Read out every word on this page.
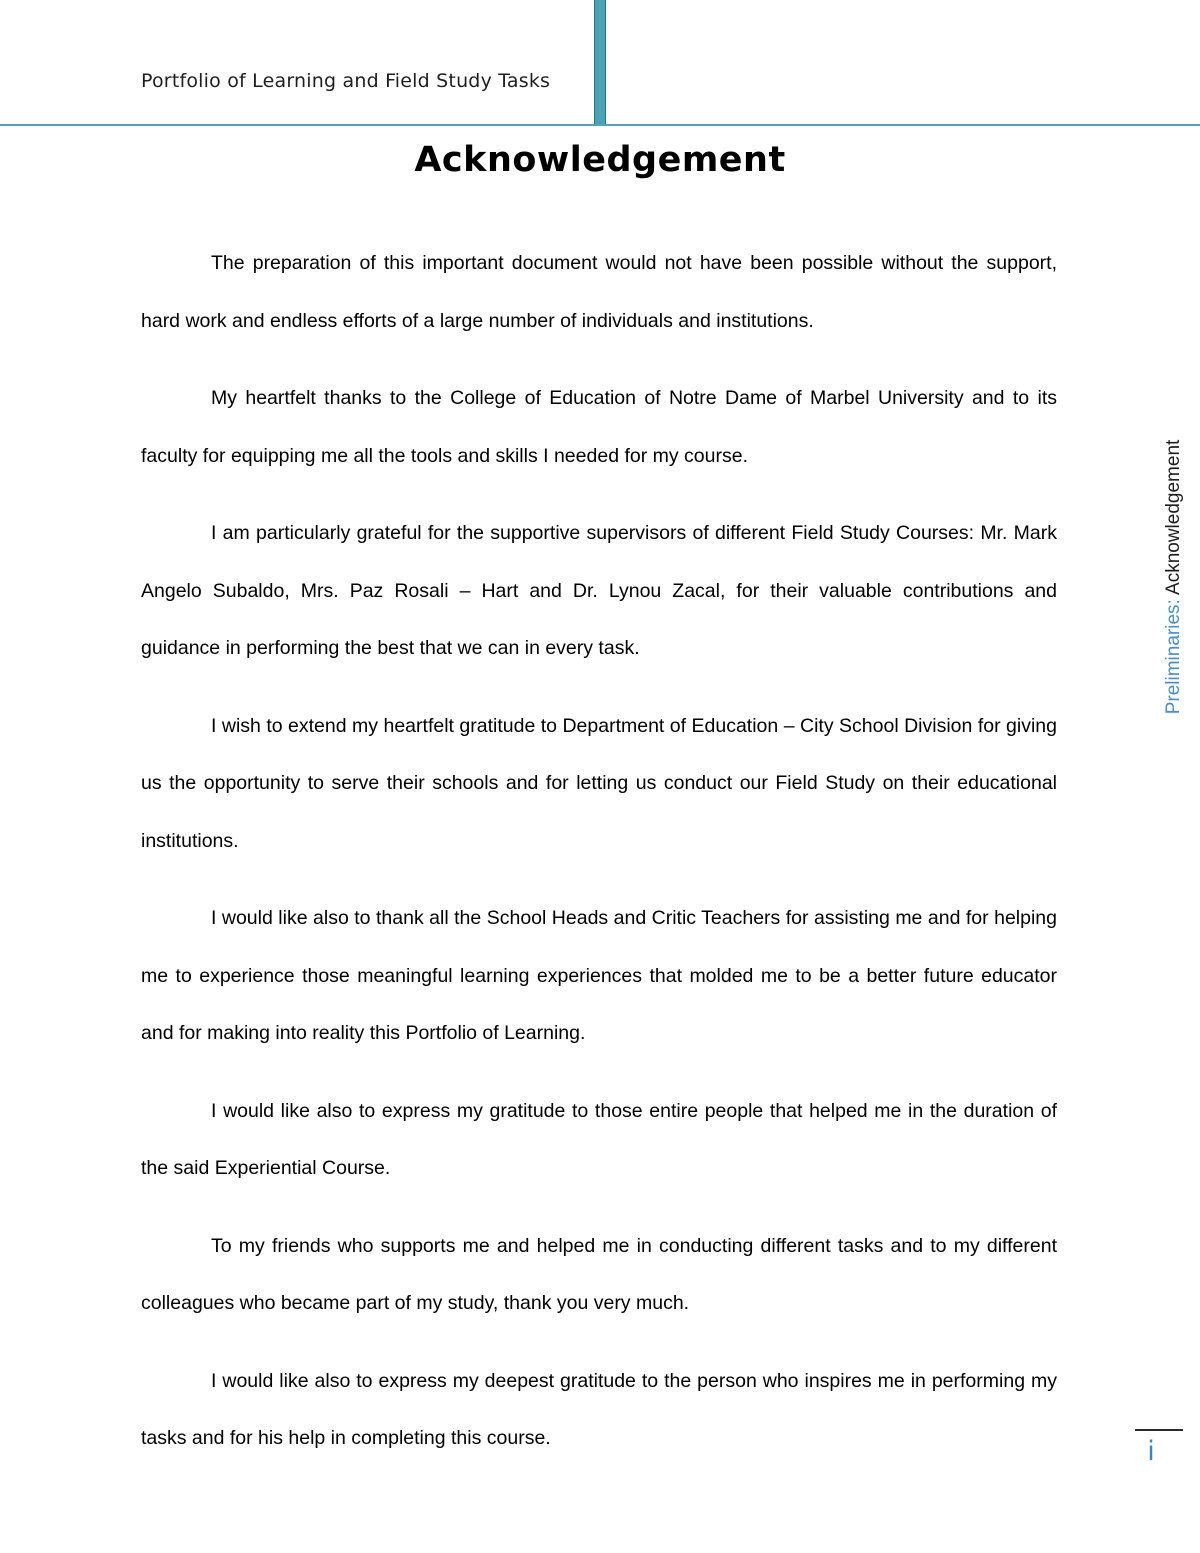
Portfolio of Learning and Field Study Tasks
Acknowledgement

The preparation of this important document would not have been possible without the support, hard work and endless efforts of a large number of individuals and institutions.

My heartfelt thanks to the College of Education of Notre Dame of Marbel University and to its faculty for equipping me all the tools and skills I needed for my course.

I am particularly grateful for the supportive supervisors of different Field Study Courses: Mr. Mark Angelo Subaldo, Mrs. Paz Rosali – Hart and Dr. Lynou Zacal, for their valuable contributions and guidance in performing the best that we can in every task.

I wish to extend my heartfelt gratitude to Department of Education – City School Division for giving us the opportunity to serve their schools and for letting us conduct our Field Study on their educational institutions.

I would like also to thank all the School Heads and Critic Teachers for assisting me and for helping me to experience those meaningful learning experiences that molded me to be a better future educator and for making into reality this Portfolio of Learning.

I would like also to express my gratitude to those entire people that helped me in the duration of the said Experiential Course.

To my friends who supports me and helped me in conducting different tasks and to my different colleagues who became part of my study, thank you very much.

I would like also to express my deepest gratitude to the person who inspires me in performing my tasks and for his help in completing this course.

Preliminaries: Acknowledgement
i
